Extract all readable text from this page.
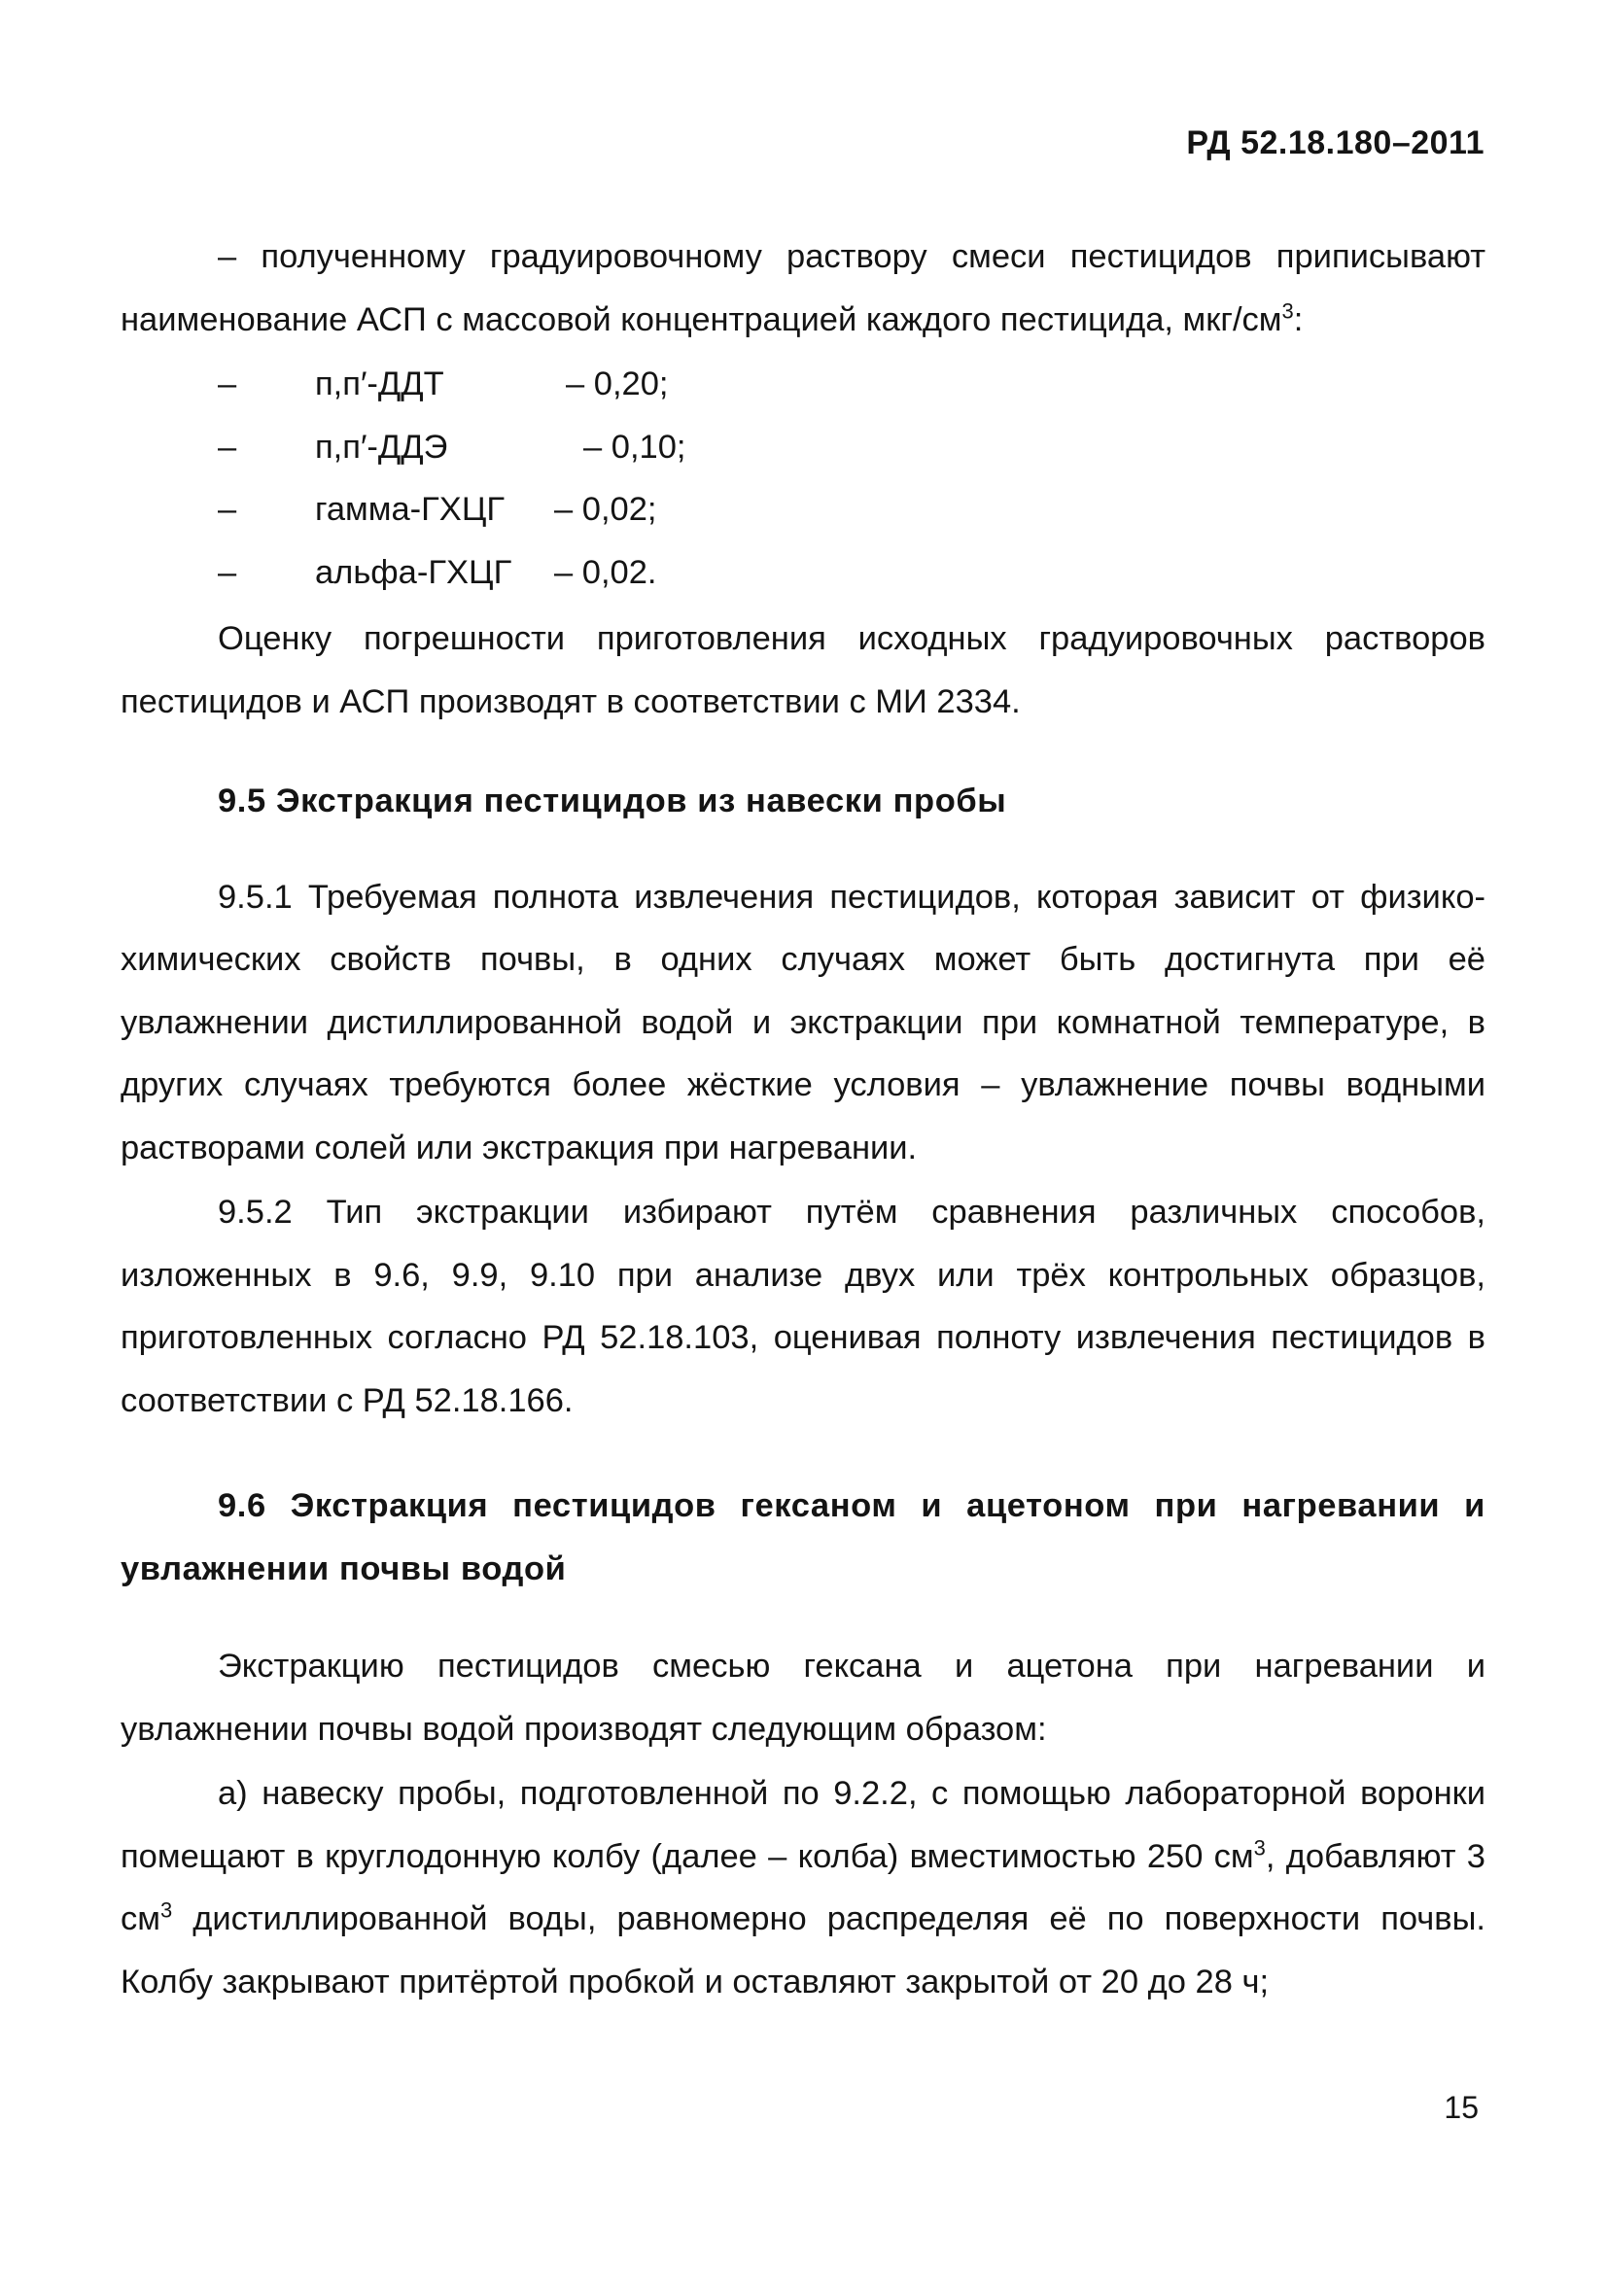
РД 52.18.180–2011

– полученному градуировочному раствору смеси пестицидов приписывают наименование АСП с массовой концентрацией каждого пестицида, мкг/$см^3$:

–	п,п′-ДДТ	– 0,20;
–	п,п′-ДДЭ	– 0,10;
–	гамма-ГХЦГ	– 0,02;
–	альфа-ГХЦГ	– 0,02.

Оценку погрешности приготовления исходных градуировочных растворов пестицидов и АСП производят в соответствии с МИ 2334.

9.5 Экстракция пестицидов из навески пробы

9.5.1 Требуемая полнота извлечения пестицидов, которая зависит от физико-химических свойств почвы, в одних случаях может быть достигнута при её увлажнении дистиллированной водой и экстракции при комнатной температуре, в других случаях требуются более жёсткие условия – увлажнение почвы водными растворами солей или экстракция при нагревании.

9.5.2 Тип экстракции избирают путём сравнения различных способов, изложенных в 9.6, 9.9, 9.10 при анализе двух или трёх контрольных образцов, приготовленных согласно РД 52.18.103, оценивая полноту извлечения пестицидов в соответствии с РД 52.18.166.

9.6 Экстракция пестицидов гексаном и ацетоном при нагревании и увлажнении почвы водой

Экстракцию пестицидов смесью гексана и ацетона при нагревании и увлажнении почвы водой производят следующим образом:

а) навеску пробы, подготовленной по 9.2.2, с помощью лабораторной воронки помещают в круглодонную колбу (далее – колба) вместимостью 250 $см^3$, добавляют 3 $см^3$ дистиллированной воды, равномерно распределяя её по поверхности почвы. Колбу закрывают притёртой пробкой и оставляют закрытой от 20 до 28 ч;

15
